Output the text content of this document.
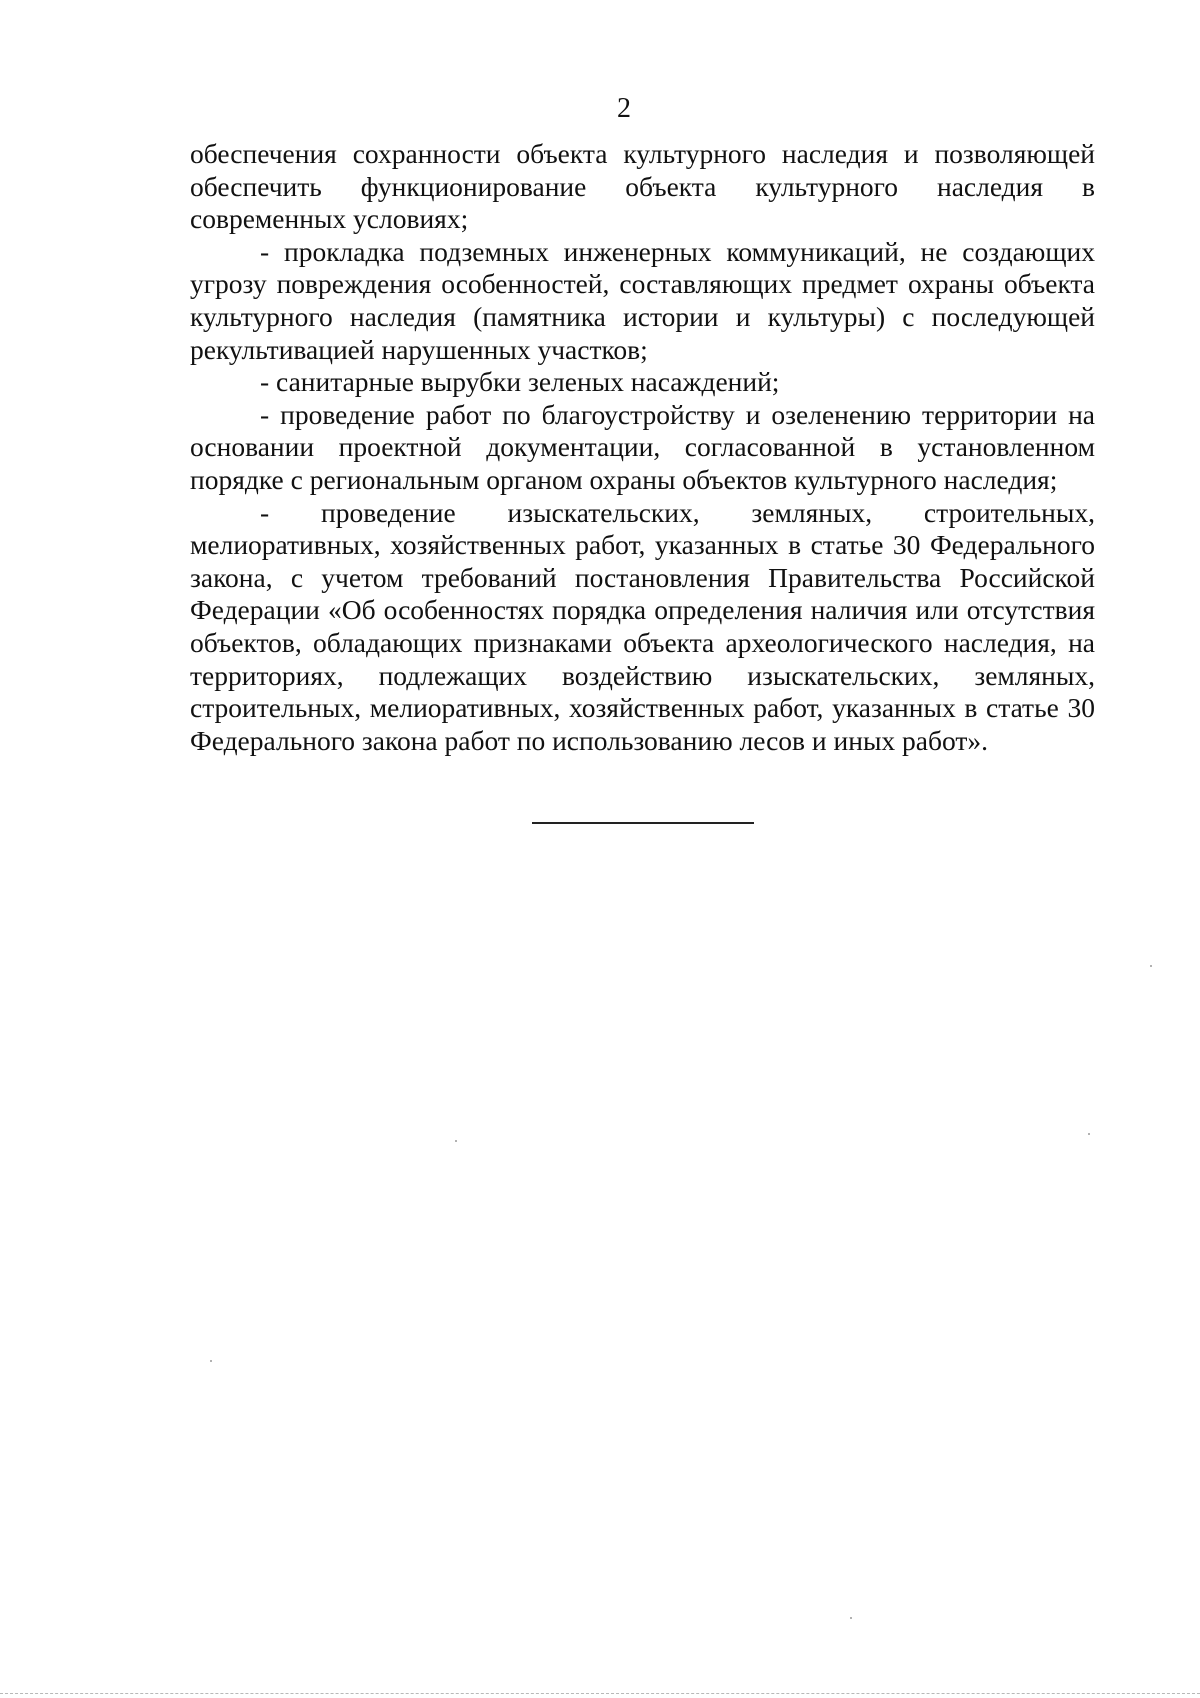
2

обеспечения сохранности объекта культурного наследия и позволяющей обеспечить функционирование объекта культурного наследия в современных условиях;

- прокладка подземных инженерных коммуникаций, не создающих угрозу повреждения особенностей, составляющих предмет охраны объекта культурного наследия (памятника истории и культуры) с последующей рекультивацией нарушенных участков;

- санитарные вырубки зеленых насаждений;

- проведение работ по благоустройству и озеленению территории на основании проектной документации, согласованной в установленном порядке с региональным органом охраны объектов культурного наследия;

- проведение изыскательских, земляных, строительных, мелиоративных, хозяйственных работ, указанных в статье 30 Федерального закона, с учетом требований постановления Правительства Российской Федерации «Об особенностях порядка определения наличия или отсутствия объектов, обладающих признаками объекта археологического наследия, на территориях, подлежащих воздействию изыскательских, земляных, строительных, мелиоративных, хозяйственных работ, указанных в статье 30 Федерального закона работ по использованию лесов и иных работ».
